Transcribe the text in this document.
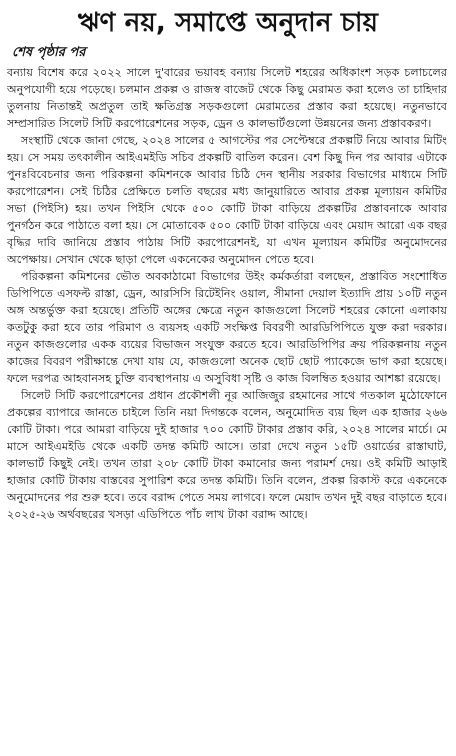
ঋণ নয়, সমাপ্তে অনুদান চায়
শেষ পৃষ্ঠার পর

বন্যায় বিশেষ করে ২০২২ সালে দু'বারের ভয়াবহ বন্যায় সিলেট শহরের অধিকাংশ সড়ক চলাচলের অনুপযোগী হয়ে পড়েছে। চলমান প্রকল্প ও রাজস্ব বাজেট থেকে কিছু মেরামত করা হলেও তা চাহিদার তুলনায় নিতান্তই অপ্রতুল তাই ক্ষতিগ্রস্ত সড়কগুলো মেরামতের প্রস্তাব করা হয়েছে। নতুনভাবে সম্প্রসারিত সিলেট সিটি করপোরেশনের সড়ক, ড্রেন ও কালভার্টগুলো উন্নয়নের জন্য প্রস্তাবকরণ।

সংস্থাটি থেকে জানা গেছে, ২০২৪ সালের ৫ আগস্টের পর সেপ্টেম্বরে প্রকল্পটি নিয়ে আবার মিটিং হয়। সে সময় তৎকালীন আইএমইডি সচিব প্রকল্পটি বাতিল করেন। বেশ কিছু দিন পর আবার এটাকে পুনঃবিবেচনার জন্য পরিকল্পনা কমিশনকে আবার চিঠি দেন স্থানীয় সরকার বিভাগের মাধ্যমে সিটি করপোরেশন। সেই চিঠির প্রেক্ষিতে চলতি বছরের মধ্য জানুয়ারিতে আবার প্রকল্প মূল্যায়ন কমিটির সভা (পিইসি) হয়। তখন পিইসি থেকে ৫০০ কোটি টাকা বাড়িয়ে প্রকল্পটির প্রস্তাবনাকে আবার পুনর্গঠন করে পাঠাতে বলা হয়। সে মোতাবেক ৫০০ কোটি টাকা বাড়িয়ে এবং মেয়াদ আরো এক বছর বৃদ্ধির দাবি জানিয়ে প্রস্তাব পাঠায় সিটি করপোরেশনই, যা এখন মূল্যায়ন কমিটির অনুমোদনের অপেক্ষায়। সেখান থেকে ছাড়া পেলে একনেকের অনুমোদন পেতে হবে।

পরিকল্পনা কমিশনের ভৌত অবকাঠামো বিভাগের উইং কর্মকর্তারা বলছেন, প্রস্তাবিত সংশোধিত ডিপিপিতে এসফল্ট রাস্তা, ড্রেন, আরসিসি রিটেইনিং ওয়াল, সীমানা দেয়াল ইত্যাদি প্রায় ১০টি নতুন অঙ্গ অন্তর্ভুক্ত করা হয়েছে। প্রতিটি অঙ্গের ক্ষেত্রে নতুন কাজগুলো সিলেট শহরের কোনো এলাকায় কতটুকু করা হবে তার পরিমাণ ও ব্যয়সহ একটি সংক্ষিপ্ত বিবরণী আরডিপিপিতে যুক্ত করা দরকার। নতুন কাজগুলোর একক ব্যয়ের বিভাজন সংযুক্ত করতে হবে। আরডিপিপির ক্রয় পরিকল্পনায় নতুন কাজের বিবরণ পরীক্ষান্তে দেখা যায় যে, কাজগুলো অনেক ছোট ছোট প্যাকেজে ভাগ করা হয়েছে। ফলে দরপত্র আহবানসহ চুক্তি ব্যবস্থাপনায় এ অসুবিধা সৃষ্টি ও কাজ বিলম্বিত হওয়ার আশঙ্কা রয়েছে।

সিলেট সিটি করপোরেশনের প্রধান প্রকৌশলী নূর আজিজুর রহমানের সাথে গতকাল মুঠোফোনে প্রকল্পের ব্যাপারে জানতে চাইলে তিনি নয়া দিগন্তকে বলেন, অনুমোদিত ব্যয় ছিল এক হাজার ২৬৬ কোটি টাকা। পরে আমরা বাড়িয়ে দুই হাজার ৭০০ কোটি টাকার প্রস্তাব করি, ২০২৪ সালের মার্চে। মে মাসে আইএমইডি থেকে একটি তদন্ত কমিটি আসে। তারা দেখে নতুন ১৫টি ওয়ার্ডের রাস্তাঘাট, কালভার্ট কিছুই নেই। তখন তারা ২০৮ কোটি টাকা কমানোর জন্য পরামর্শ দেয়। ওই কমিটি আড়াই হাজার কোটি টাকায় বাস্তবের সুপারিশ করে তদন্ত কমিটি। তিনি বলেন, প্রকল্প রিকাস্ট করে একনেকে অনুমোদনের পর শুরু হবে। তবে বরাদ্দ পেতে সময় লাগবে। ফলে মেয়াদ তখন দুই বছর বাড়াতে হবে। ২০২৫-২৬ অর্থবছরের খসড়া এডিপিতে পাঁচ লাখ টাকা বরাদ্দ আছে।
